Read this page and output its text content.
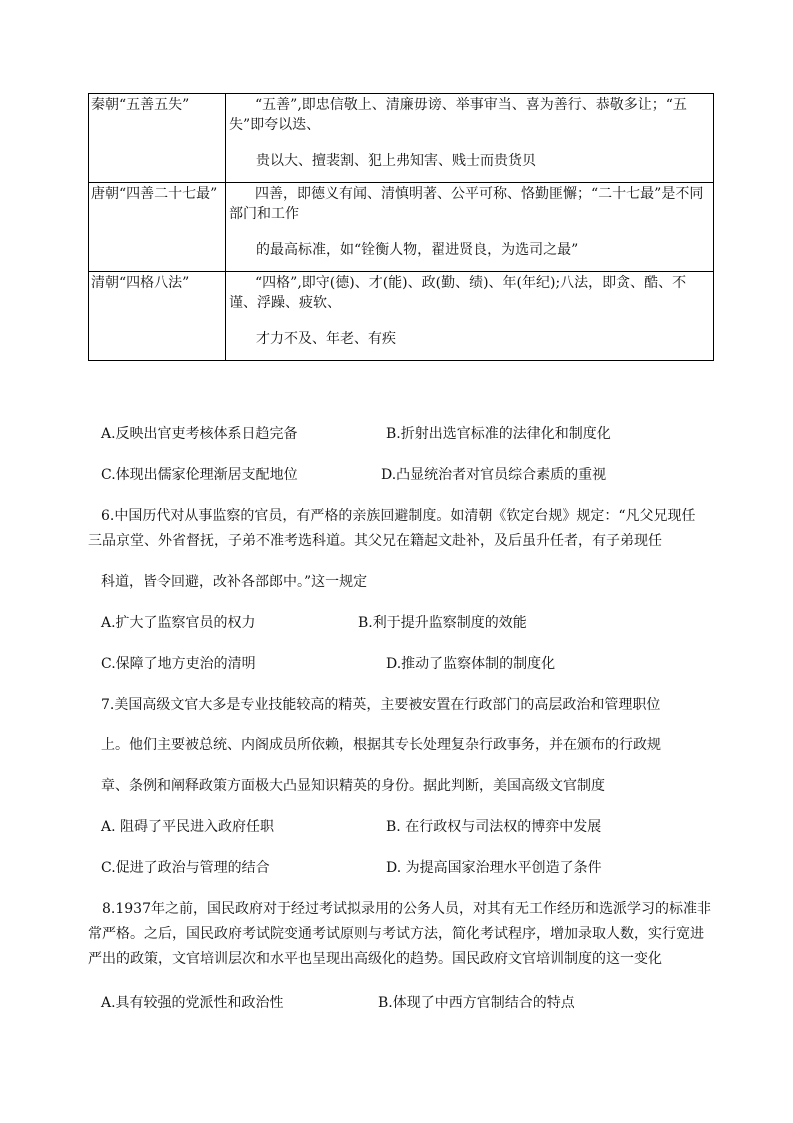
秦朝“五善五失”	“五善”,即忠信敬上、清廉毋谤、举事审当、喜为善行、恭敬多让；“五失”即夸以迭、
贵以大、擅裴割、犯上弗知害、贱士而贵货贝

唐朝“四善二十七最”	四善，即德义有闻、清慎明著、公平可称、恪勤匪懈；“二十七最”是不同部门和工作
的最高标准，如“铨衡人物，翟进贤良，为选司之最”

清朝“四格八法”	“四格”,即守(德)、才(能)、政(勤、绩)、年(年纪);八法，即贪、酷、不谨、浮躁、疲软、
才力不及、年老、有疾
A.反映出官吏考核体系日趋完备	B.折射出选官标准的法律化和制度化
C.体现出儒家伦理渐居支配地位	D.凸显统治者对官员综合素质的重视
6.中国历代对从事监察的官员，有严格的亲族回避制度。如清朝《钦定台规》规定：“凡父兄现任
三品京堂、外省督抚，子弟不准考选科道。其父兄在籍起文赴补，及后虽升任者，有子弟现任
科道，皆令回避，改补各部郎中。”这一规定
A.扩大了监察官员的权力	B.利于提升监察制度的效能
C.保障了地方吏治的清明	D.推动了监察体制的制度化
7.美国高级文官大多是专业技能较高的精英，主要被安置在行政部门的高层政治和管理职位
上。他们主要被总统、内阁成员所依赖，根据其专长处理复杂行政事务，并在颁布的行政规
章、条例和阐释政策方面极大凸显知识精英的身份。据此判断，美国高级文官制度
A. 阻碍了平民进入政府任职	B. 在行政权与司法权的博弈中发展
C.促进了政治与管理的结合	D. 为提高国家治理水平创造了条件
8.1937年之前，国民政府对于经过考试拟录用的公务人员，对其有无工作经历和选派学习的标准非常严格。之后，国民政府考试院变通考试原则与考试方法，简化考试程序，增加录取人数，实行宽进严出的政策，文官培训层次和水平也呈现出高级化的趋势。国民政府文官培训制度的这一变化
A.具有较强的党派性和政治性	B.体现了中西方官制结合的特点
